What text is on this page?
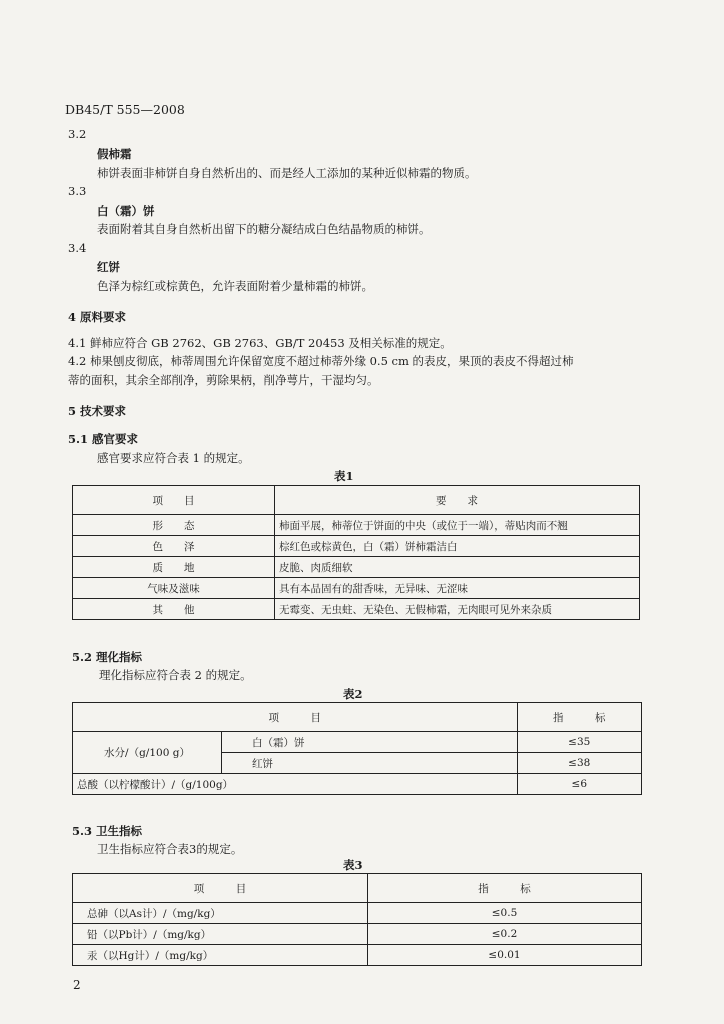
DB45/T 555—2008
3.2
假柿霜
柿饼表面非柿饼自身自然析出的、而是经人工添加的某种近似柿霜的物质。
3.3
白（霜）饼
表面附着其自身自然析出留下的糖分凝结成白色结晶物质的柿饼。
3.4
红饼
色泽为棕红或棕黄色，允许表面附着少量柿霜的柿饼。
4 原料要求
4.1 鲜柿应符合 GB 2762、GB 2763、GB/T 20453 及相关标准的规定。
4.2 柿果刨皮彻底，柿蒂周围允许保留宽度不超过柿蒂外缘 0.5 cm 的表皮，果顶的表皮不得超过柿
蒂的面积，其余全部削净，剪除果柄，削净萼片，干湿均匀。
5 技术要求
5.1 感官要求
感官要求应符合表 1 的规定。
表1
项　　目	要　　求
形　　态	柿面平展，柿蒂位于饼面的中央（或位于一端），蒂贴肉而不翘
色　　泽	棕红色或棕黄色，白（霜）饼柿霜洁白
质　　地	皮脆、肉质细软
气味及滋味	具有本品固有的甜香味，无异味、无涩味
其　　他	无霉变、无虫蛀、无染色、无假柿霜，无肉眼可见外来杂质
5.2 理化指标
理化指标应符合表 2 的规定。
表2
项　　　目		指　　　标
水分/（g/100 g）	白（霜）饼	≤35
	红饼	≤38
总酸（以柠檬酸计）/（g/100g）		≤6
5.3 卫生指标
卫生指标应符合表3的规定。
表3
项　　　目	指　　　标
总砷（以As计）/（mg/kg）	≤0.5
铅（以Pb计）/（mg/kg）	≤0.2
汞（以Hg计）/（mg/kg）	≤0.01
2
